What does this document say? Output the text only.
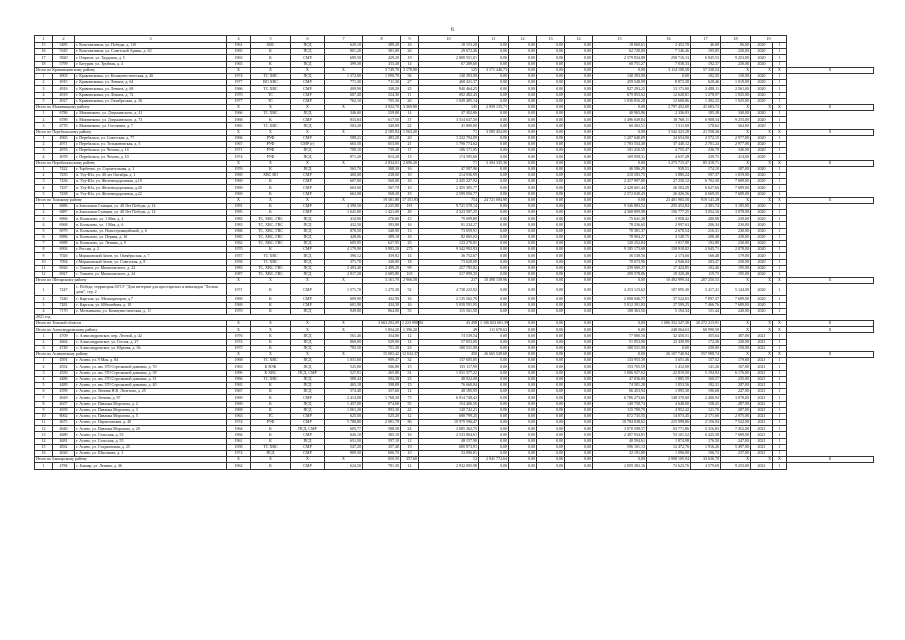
6
1	2	3	4	5	6	7	8	9	10	11	12	13	14	15	16	17	18	19		
15	5485	г. Константинов, ул. Победы, д. 110	1961	ХВС	ПСД	629,10	389,20	16	18 153,20	0,00	0,00	0,00	0,00	18 060,61	2 452,78	46,00	86,00	2020	1	
16	5345	г. Константинов, ул. Советской Армии, д. 63	1965	К	ПСД	801,20	381,00	26	29 072,46	0,00	0,00	0,00	0,00	62 720,00	7 146,46	195,85	230,00	2020	1	
17	5820	г. Озерное, ул. Трудовая, д. 5	1963	К	СМР	689,50	429,20	19	2 808 551,01	0,00	0,00	0,00	0,00	2 579 834,88	258 716,13	6 845,53	9 253,00	2020	1	
18	5799	г. Батурин, ул. Трубная, д. 4	1965	К	ПСД	399,30	353,40	14	67 289,60	0,00	0,00	0,00	0,00	60 751,27	7 038,33	192,37	230,00	2020	1	
Итого по Кравинскевскому району			X	X	X	X	3 749,70	3 178,90	125	3 171 446,73	0,00	0,00	0,00	0,00	3 114 108,58	57 338,54	X	X	X	X
1	4903	г. Кравинсковка, ул. Коммунистическая, д. 46	1974	ТС ХВС	ПСД	1 372,00	1 090,70	56	140 393,00	0,00	0,00	0,00	0,00	140 393,00	0,00	102,35	130,00	2020	1	
2	4915	г. Кравинсковка, ул. Ленина, д. 64	1977	ВО ХВС	СМР	771,30	711,30	27	468 421,37	0,00	0,00	0,00	0,00	459 548,99	8 872,38	628,46	1 019,00	2020	1	
3	4916	г. Кравинсковка, ул. Ленина, д. 68	1966	ТС ХВС	СМР	409,90	338,20	25	840 464,25	0,00	0,00	0,00	0,00	827 293,25	13 171,00	2 488,11	2 561,00	2020	1	
4	4918	г. Кравинсковка, ул. Ленина, д. 72	1970	ТС	СМР	607,40	524,30	11	692 482,43	0,00	0,00	0,00	0,00	679 853,62	12 628,81	1 278,97	1 925,00	2020	1	
5	4927	г. Кравинсковка, ул. Октябрьская, д. 36	1977	ТС	СМР	762,10	705,30	26	1 049 485,14	0,00	0,00	0,00	0,00	1 036 816,28	12 668,86	1 492,23	1 925,00	2020	1	
Итого по Мокиницкому району			X	X	X	X	3 922,70	3 369,80	145	2 839 135,71	0,00	0,00	0,00	0,00	2 797 452,00	41 683,72	X	X	X	X
1	6786	г. Моктинково, ул. Дзержинского, д. 41	1966	ТС ХВС	ПСД	346,60	259,80	14	47 302,86	0,00	0,00	0,00	0,00	40 965,86	2 336,93	185,38	340,00	2020	1	
2	6789	г. Моктинково, ул. Дзержинского, д. 73	1968	К	СМР	833,84	617,50	37	3 514 637,50	0,00	0,00	0,00	0,00	3 496 049,84	18 768,11	6 908,34	9 253,00	2020	1	
3	6770	г. Моктинково, ул. Гоголевна, д. 7	1965	ТС ХВС	ПСД	503,20	340,00	22	41 800,00	0,00	0,00	0,00	0,00	60 492,51	1 511,69	178,62	364,00	2020	1	
Итого по Перебальскому району			X	X	X	X	2 185,94	1 563,20	71	3 585 454,00	0,00	0,00	0,00	0,00	3 542 323,28	21 558,26	X	X	X	X
1	4965	г. Перебальск, ул. Советская, д. 77	1966	РУФ	СМР	588,21	483,20	20	1 232 794,09	0,00	0,00	0,00	0,00	1 207 640,09	24 654,00	2 572,15	2 977,00	2020	1	
2	4971	г. Перебальск, ул. Тельмановская, д. 5	1967	РУФ	СМР (г)	665,50	653,00	21	1 790 774,62	0,00	0,00	0,00	0,00	1 783 534,40	37 440,12	2 701,24	2 977,00	2020	1	
3	4976	г. Перебальск, ул. Чехова, д. 14	1971	РУФ	ПСД	709,10	739,40	17	106 171,05	0,00	0,00	0,00	0,00	101 416,55	4 755,47	236,79	340,00	2020	1	
4	4978	г. Перебальск, ул. Чехова, д. 10	1974	РУФ	ПСД	871,20	814,20	13	174 595,60	0,00	0,00	0,00	0,00	169 958,31	4 637,28	239,75	414,00	2020	1	
Итого по Пеработальскому району			X	X	X	X	2 834,01	2 690,20	71	3 304 335,36	0,00	0,00	0,00	0,00	3 275 715,47	85 418,71	X	X	X	X
1	7422	г. Торбеево, ул. Строительная, д. 1	1976	К	ПСД	565,70	308,30	16	47 587,96	0,00	0,00	0,00	0,00	46 586,29	939,51	174,10	187,00	2020	1	
2	7435	п. Улу-Юл, ул. 40 лет Октября, д. 1	1969	ХВС ВО	СМР	400,00	238,00	10	214 936,99	0,00	0,00	0,00	0,00	210 583,75	3 880,24	597,37	1 019,00	2020	1	
3	7436	п. Улу-Юл, ул. Железнодорожная, д.18	1969	К	СМР	607,00	560,00	16	2 445 227,92	0,00	0,00	0,00	0,00	2 417 997,80	27 230,12	6 702,30	7 689,00	2020	1	
4	7437	п. Улу-Юл, ул. Железнодорожная, д.20	1969	К	СМР	663,60	567,70	10	2 455 305,77	0,00	0,00	0,00	0,00	2 428 601,44	26 502,29	6 627,66	7 689,00	2020	1	
5	7438	п. Улу-Юл, ул. Железнодорожная, д.22	1969	К	СМР	662,00	568,20	19	2 599 056,77	0,00	0,00	0,00	0,00	2 572 630,43	26 426,56	6 669,35	7 689,00	2020	1	
Итого по Томскому району			X	X	X	X	19 581,88	17 351,93	754	24 721 694,90	0,00	0,00	0,00	0,00	23 401 965,50	919 141,28	X	X	X	X
1	6886	п.Зональная Станция, ул. 40 Лет Победы, д. 14	1991	К	СМР	4 398,50	4 225,80	181	9 721 578,14	0,00	0,00	0,00	0,00	9 346 883,52	255 452,84	2 301,74	3 185,00	2020	1	
2	6887	п.Зональная Станция, ул. 40 Лет Победы, д. 14	1995	К	СМР	1 641,00	1 421,00	49	4 523 587,25	0,00	0,00	0,00	0,00	4 368 809,98	156 777,25	3 052,16	3 878,00	2020	1	
3	6966	п. Копылово, ул. 1 Мая, д. 2	1983	ТС, ХВС, ГВС	ПСД	414,90	376,80	15	79 099,80	0,00	0,00	0,00	0,00	75 641,38	3 958,42	200,98	230,00	2020	1	
4	6968	п. Копылово, ул. 1 Мая, д. 6	1983	ТС, ХВС, ГВС	ПСД	432,50	393,80	16	81 234,27	0,00	0,00	0,00	0,00	78 236,65	2 997,63	206,34	230,00	2020	1	
5	6979	п. Копылово, ул. Новостроящийский, д. 6	1968	ТС, ХВС, ГВС	ПСД	870,50	340,90	13	73 059,91	0,00	0,00	0,00	0,00	70 381,37	2 678,54	216,31	230,00	2020	1	
6	6986	п. Копылово, ул. Первая, д. 16	1985	ТС, ХВС, ГВС	ПСД	428,06	389,18	16	82 065,02	0,00	0,00	0,00	0,00	78 904,27	3 140,75	208,48	230,00	2020	1	
7	6988	п. Копылово, ул. Ленина, д. 9	1962	ТС, ХВС, ГВС	ПСД	605,95	627,95	25	123 270,81	0,00	0,00	0,00	0,00	120 252,84	1 017,98	192,89	230,00	2020	1	
8	6992	г. Россия, д. 2	1970	К	СМР	4 179,90	3 983,20	273	9 342 992,93	0,00	0,00	0,00	0,00	9 185 173,68	158 918,82	2 045,71	2 878,00	2020	1	
9	7026	с.Моряковский Затон, ул. Октябрьская, д. 7	1957	ТС ХВС	ПСД	396,12	359,92	14	36 752,67	0,00	0,00	0,00	0,00	36 538,56	2 173,60	166,48	179,00	2020	1	
10	7094	с.Моряковский Затон, ул. Советская, д. 8	1958	ТС ХВС	ПСД	371,70	340,00	18	73 620,00	0,00	0,00	0,00	0,00	70 673,96	2 946,04	203,47	230,00	2020	1	
11	6926	с. Томмен, ул. Мичисовского, д. 22	1983	ТС, ХВС, ГВС	ПСД	2 493,40	2 499,20	99	257 795,82	0,00	0,00	0,00	0,00	239 969,37	17 424,85	102,46	195,00	2020	1	
12	6927	с. Томмен, ул. Мичисовского, д. 24	1987	ТС, ХВС, ГВС	ПСД	2 817,20	2 685,80	103	317 899,35	0,00	0,00	0,00	0,00	299 578,86	18 320,49	119,75	195,00	2020	1	
Итого по Шегарскому району			X	X	X	X	3 161,70	2 966,58	217	10 498 139,96	0,00	0,00	0,00	0,00	10 492 999,34	207 250,53	X	X	X	X
1	7247	с. Победа, территория ОГСУ "Дом интернат для престарелых и инвалидов "Лесная дача", стр. 2	1971	К	СМР	1 571,70	1 275,30	52	4 738 223,92	0,00	0,00	0,00	0,00	4 253 123,62	107 095,30	5 417,41	5 144,00	2020	1	
2	7240	с. Каргала, ул. Мелиораторов, д.7	1969	К	СМР	609,90	432,90	16	2 135 562,79	0,00	0,00	0,00	0,00	2 098 046,77	37 522,03	7 897,37	7 689,00	2020	1	
3	7281	с. Каргала, ул. Юбилейная, д. 10	1969	К	СМР	601,90	434,30	16	5 039 591,95	0,00	0,00	0,00	0,00	5 012 391,83	27 599,25	7 466,76	7 689,00	2020	1	
4	7170	с. Мельниково, ул. Коммунистическая, д. 11	1970	К	ПСД	949,80	864,00	55	115 561,50	0,00	0,00	0,00	0,00	108 363,56	5 194,34	151,44	240,00	2020	1	
2021 год																				
Итого по Томской области			X	X	X	X	3 663 292,09	1 223 098,84	43 498	1 106 824 601,39	0,00	0,00	0,00	0,00	1 086 352 247,38	20 272 213,91	X	X	X	X
Итого по Александровскому району			X	X	X	X	1 834,20	1 396,20	49	111 678,63	0,00	0,00	0,00	0,00	248 064,63	60 990,50	X	X	X	X
1	4709	с. Александровское, пер. Лесной, д. 42	1976	К	ПСД	561,40	354,80	12	74 539,54	0,00	0,00	0,00	0,00	77 080,50	32 450,51	355,64	387,00	2021	1	
2	4664	с. Александровское, ул. Гоголя, д. 27	1974	К	ПСД	869,00	529,00	14	57 053,00	0,00	0,00	0,00	0,00	51 053,00	23 439,99	172,36	230,00	2021	1	
3	4749	с. Александровское, ул. Юрьева, д. 56	1975	К	ПСД	783,50	751,30	23	180 531,00	0,00	0,00	0,00	0,00	180 531,00	0,00	250,00	150,00	2021	1	
Итого по Асиновскому району			X	X	X	X	15 003,42	12 632,37	450	26 665 549,68	0,00	0,00	0,00	0,00	26 107 740,94	557 988,74	X	X	X	X
1	4591	г. Асино, ул. 9 Мая, д. 84	1968	ТС ХВС	ПСД	1 031,60	909,47	32	137 605,85	0,00	0,00	0,00	0,00	133 953,39	3 651,46	157,52	179,00	2021	1	
2	4552	г. Асино, ул. им. 370 Стрелковой дивизии, д. 70	1963	К ВЭК	ПСД	525,80	506,80	15	155 117,99	0,00	0,00	0,00	0,00	153 705,59	1 412,00	141,26	167,00	2021	1	
3	4550	г. Асино, ул. им. 370 Стрелковой дивизии, д. 39	1990	К ХВС	ПСД, СМР	527,91	265,80	31	1 031 377,22	0,00	0,00	0,00	0,00	1 006 927,62	22 819,50	5 194,92	6 176,00	2021	1	
4	4486	г. Асино, ул. им. 370 Стрелковой дивизии, д. 31	1966	ТС ХВС	ПСД	588,44	504,38	23	48 922,00	0,00	0,00	0,00	0,00	47 036,60	1 885,59	160,57	235,00	2021	1	
5	4489	г. Асино, ул. им. 370 Стрелковой дивизии, д. 40	1965	К	ПСД	465,18	398,88	15	76 660,84	0,00	0,00	0,00	0,00	74 581,28	1 053,56	192,31	287,00	2021	1	
6	4599	г. Асино, ул. Ленина Н.В. Лепетова, д. 25	1967	К	ПСД	574,40	357,60	12	48 185,95	0,00	0,00	0,00	0,00	66 453,94	1 995,30	196,68	247,00	2021	1	
7	4629	г. Асино, ул. Ленина, д. 97	1969	К	СМР	2 414,88	1 768,20	73	6 014 749,42	0,00	0,00	0,00	0,00	6 786 273,66	148 370,60	2 406,94	3 878,00	2021	1	
8	4657	г. Асино, ул. Павлика Морозова, д. 2	1969	К	ПСД	1 457,00	974,68	55	154 406,56	0,00	0,00	0,00	0,00	149 758,74	4 648,00	158,41	287,00	2021	1	
9	4658	г. Асино, ул. Павлика Морозова, д. 3	1969	К	ПСД	1 061,20	993,30	42	120 742,21	0,00	0,00	0,00	0,00	115 789,79	4 952,42	121,70	287,00	2021	1	
10	8062	г. Асино, ул. Павлика Морозова, д. 5	1963	ТС	СМР	625,50	525,20	12	680 799,25	0,00	0,00	0,00	0,00	672 735,55	14 073,45	2 171,60	2 975,00	2021	1	
11	4675	г. Асино, ул. Партизанская, д. 40	1974	РУФ	СМР	5 780,80	2 901,79	86	10 979 596,47	0,00	0,00	0,00	0,00	10 784 038,62	215 998,86	2 156,94	7 522,00	2021	1	
12	4640	г. Асино, ул. Павлика Морозова, д. 20	1964	К	ПСД, СМР	605,77	588,58	24	3 085 362,75	0,00	0,00	0,00	0,00	3 070 598,57	63 771,86	5 316,83	7 452,00	2021	1	
13	4680	г. Асино, ул. Сельская, д. 53	1966	К	СМР	626,10	385,10	16	2 533 864,61	0,00	0,00	0,00	0,00	2 497 934,81	53 101,52	6 425,58	7 689,00	2021	1	
14	4681	г. Асино, ул. Сельская, д. 55	1961	К	ПСД	651,50	597,10	12	48 157,90	0,00	0,00	0,00	0,00	40 594,61	1 874,98	176,50	247,00	2021	1	
15	4832	г. Асино, ул. Стадионовая, д. 25	1958	ТС ХВС	СМР	547,20	357,40	19	600 873,91	0,00	0,00	0,00	0,00	596 101,13	12 472,76	1 916,26	5 497,00	2021	1	
16	4626	г. Асино, ул. Школьная, д. 3	1974	ПСД	СМР	809,50	606,70	10	33 096,81	0,00	0,00	0,00	0,00	32 191,80	1 096,00	106,72	237,00	2021	1	
Итого по Бакчарскому району			X	X	X	X	650,50	357,60	12	2 941 772,64	0,00	0,00	0,00	0,00	2 908 105,94	33 636,70	X	X	X	X
1	4784	с. Бакчар, ул. Ленина, д. 46	1962	К	СМР	624,50	781,30	12	2 932 005,98	0,00	0,00	0,00	0,00	2 859 382,16	72 623,76	4 579,69	9 253,00	2021	1	
